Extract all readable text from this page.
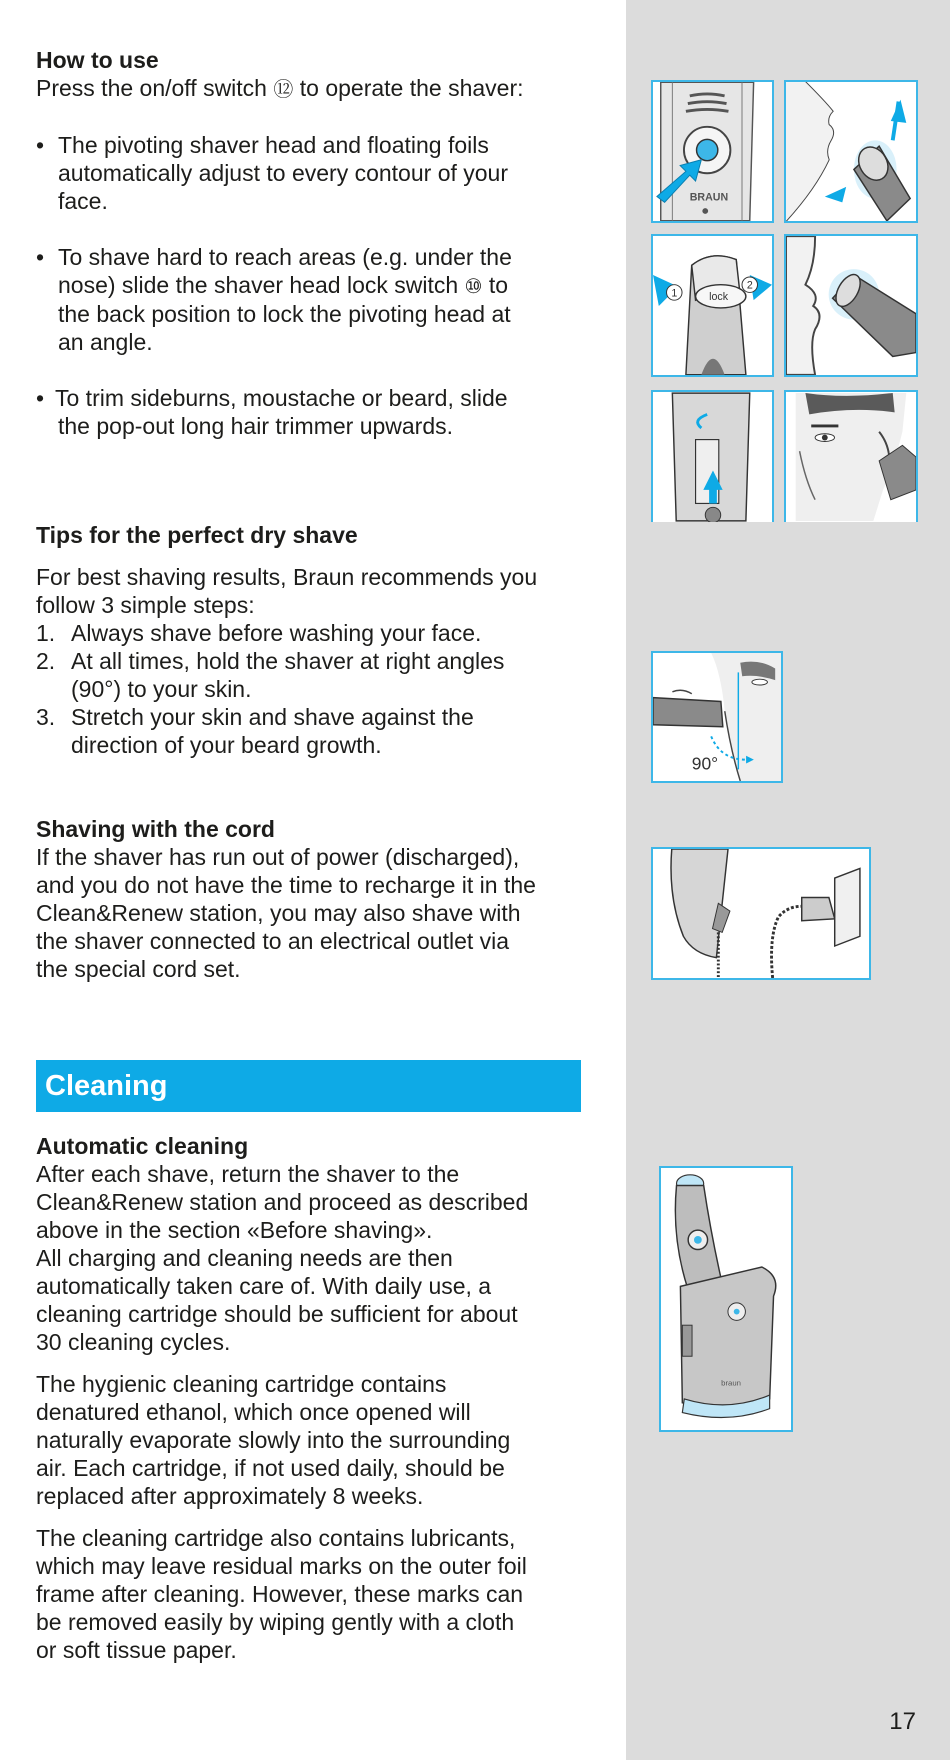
How to use

Press the on/off switch ⑫ to operate the shaver:

• The pivoting shaver head and floating foils
automatically adjust to every contour of your
face.
• To shave hard to reach areas (e.g. under the
nose) slide the shaver head lock switch ⑩ to
the back position to lock the pivoting head at
an angle.
• To trim sideburns, moustache or beard, slide
the pop-out long hair trimmer upwards.
Tips for the perfect dry shave
For best shaving results, Braun recommends you
follow 3 simple steps:
1. Always shave before washing your face.
2. At all times, hold the shaver at right angles
(90°) to your skin.
3. Stretch your skin and shave against the
direction of your beard growth.
Shaving with the cord
If the shaver has run out of power (discharged),
and you do not have the time to recharge it in the
Clean&Renew station, you may also shave with
the shaver connected to an electrical outlet via
the special cord set.
Cleaning
Automatic cleaning
After each shave, return the shaver to the
Clean&Renew station and proceed as described
above in the section «Before shaving».
All charging and cleaning needs are then
automatically taken care of. With daily use, a
cleaning cartridge should be sufficient for about
30 cleaning cycles.
The hygienic cleaning cartridge contains
denatured ethanol, which once opened will
naturally evaporate slowly into the surrounding
air. Each cartridge, if not used daily, should be
replaced after approximately 8 weeks.
The cleaning cartridge also contains lubricants,
which may leave residual marks on the outer foil
frame after cleaning. However, these marks can
be removed easily by wiping gently with a cloth
or soft tissue paper.
BRAUN
lock
1
2
90°
braun
17
